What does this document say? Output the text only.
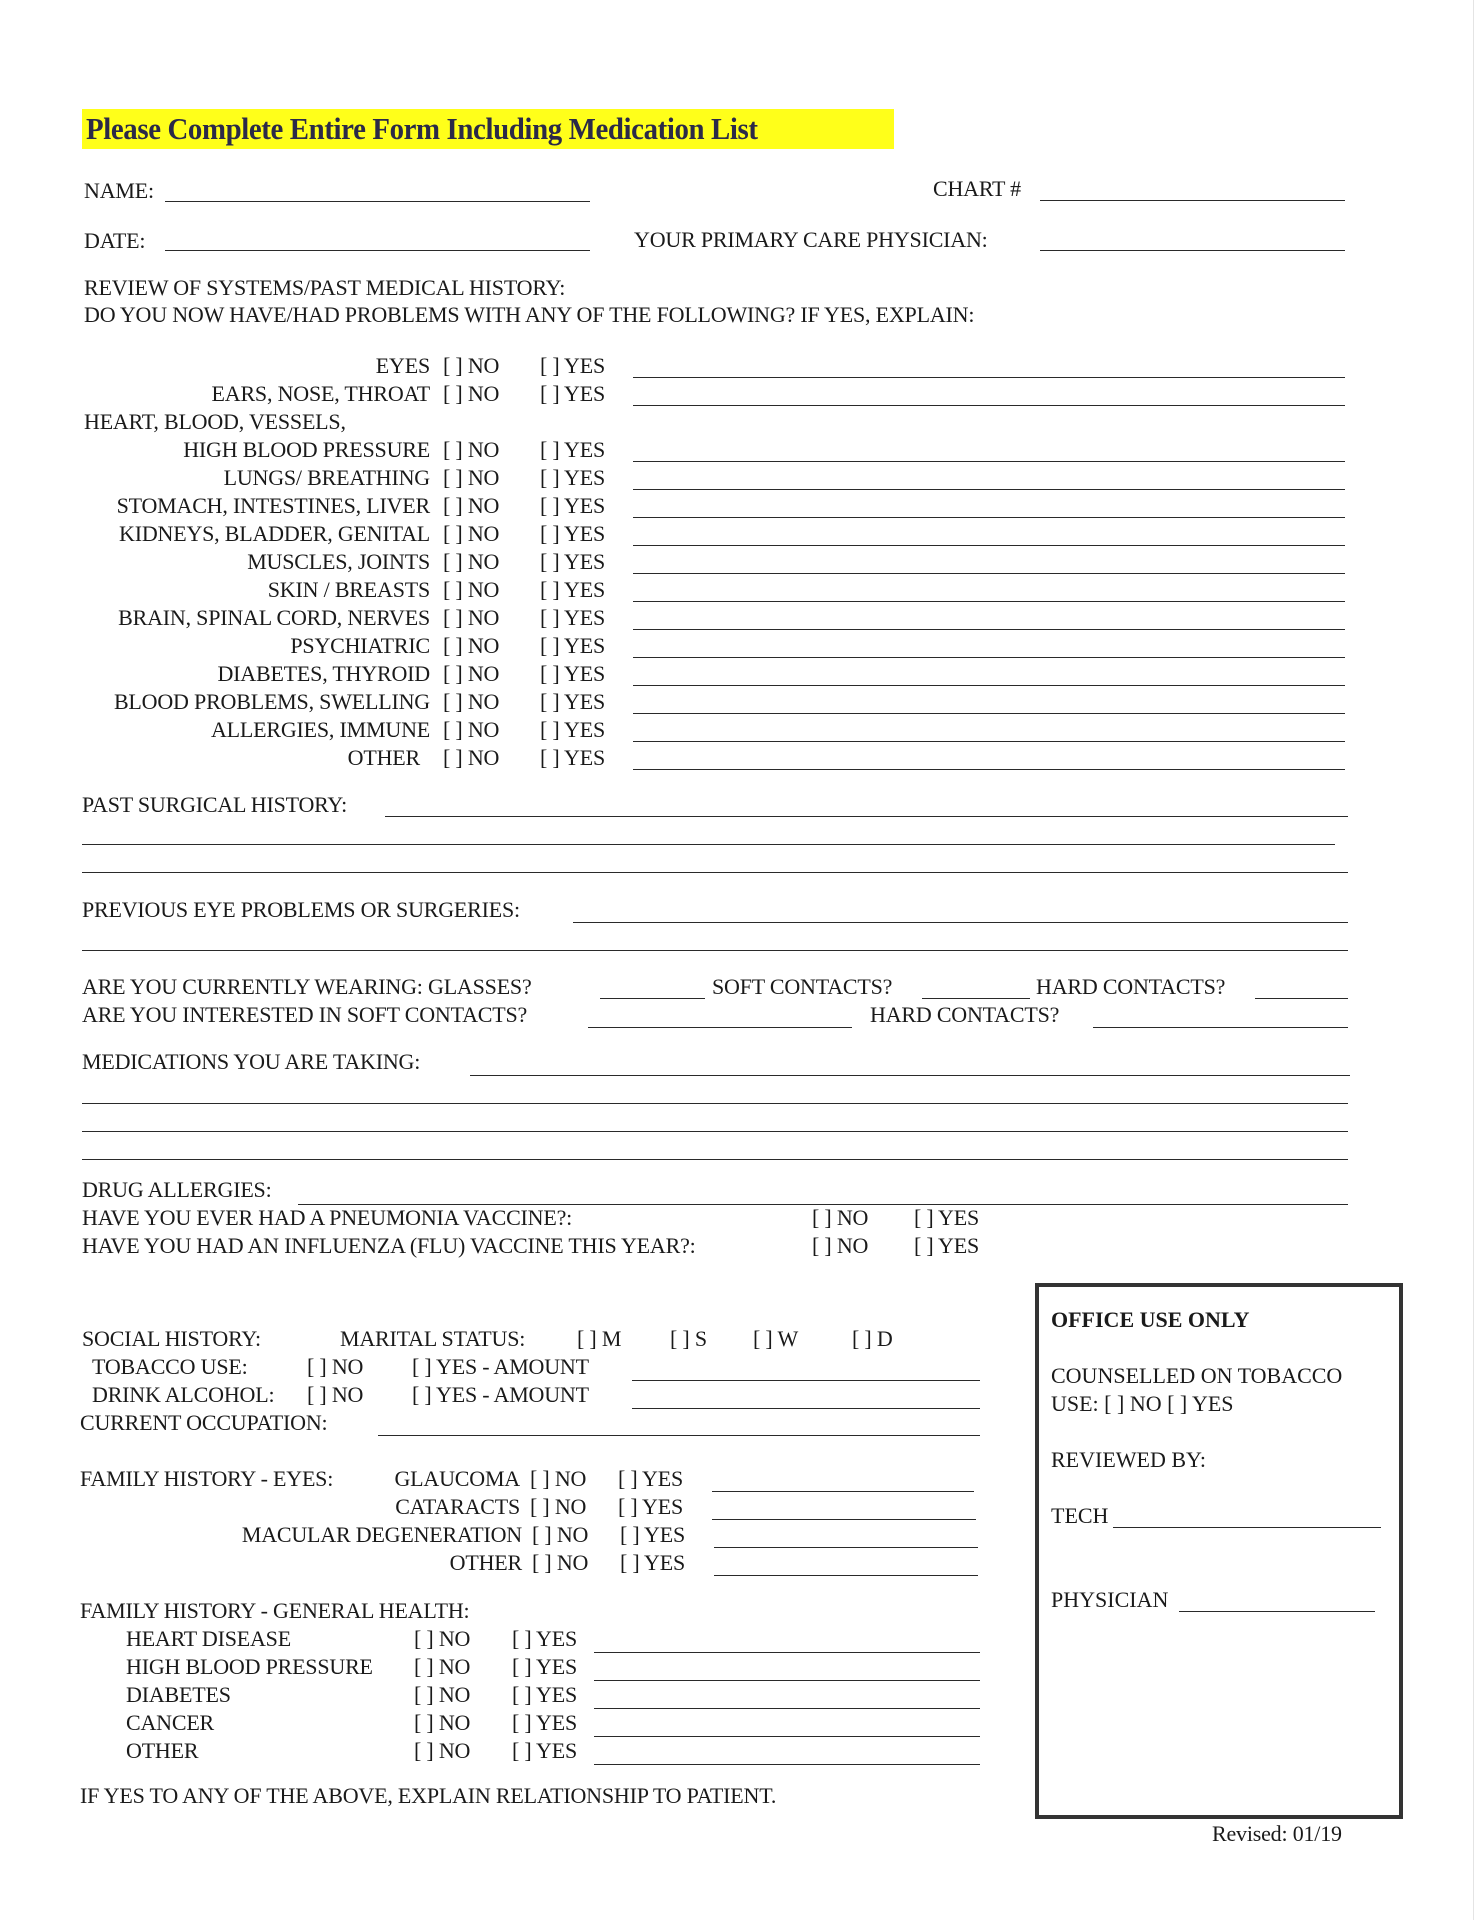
Please Complete Entire Form Including Medication List
NAME:	CHART #
DATE:	YOUR PRIMARY CARE PHYSICIAN:
REVIEW OF SYSTEMS/PAST MEDICAL HISTORY:
DO YOU NOW HAVE/HAD PROBLEMS WITH ANY OF THE FOLLOWING? IF YES, EXPLAIN:
EYES [ ] NO [ ] YES
EARS, NOSE, THROAT [ ] NO [ ] YES
HEART, BLOOD, VESSELS,
HIGH BLOOD PRESSURE [ ] NO [ ] YES
LUNGS/ BREATHING [ ] NO [ ] YES
STOMACH, INTESTINES, LIVER [ ] NO [ ] YES
KIDNEYS, BLADDER, GENITAL [ ] NO [ ] YES
MUSCLES, JOINTS [ ] NO [ ] YES
SKIN / BREASTS [ ] NO [ ] YES
BRAIN, SPINAL CORD, NERVES [ ] NO [ ] YES
PSYCHIATRIC [ ] NO [ ] YES
DIABETES, THYROID [ ] NO [ ] YES
BLOOD PROBLEMS, SWELLING [ ] NO [ ] YES
ALLERGIES, IMMUNE [ ] NO [ ] YES
OTHER [ ] NO [ ] YES
PAST SURGICAL HISTORY:
PREVIOUS EYE PROBLEMS OR SURGERIES:
ARE YOU CURRENTLY WEARING: GLASSES?	SOFT CONTACTS?	HARD CONTACTS?
ARE YOU INTERESTED IN SOFT CONTACTS?	HARD CONTACTS?
MEDICATIONS YOU ARE TAKING:
DRUG ALLERGIES:
HAVE YOU EVER HAD A PNEUMONIA VACCINE?:	[ ] NO [ ] YES
HAVE YOU HAD AN INFLUENZA (FLU) VACCINE THIS YEAR?:	[ ] NO [ ] YES
SOCIAL HISTORY:	MARITAL STATUS: [ ] M [ ] S [ ] W [ ] D
TOBACCO USE:	[ ] NO [ ] YES - AMOUNT
DRINK ALCOHOL: [ ] NO [ ] YES - AMOUNT
CURRENT OCCUPATION:
FAMILY HISTORY - EYES:	GLAUCOMA [ ] NO [ ] YES
CATARACTS [ ] NO [ ] YES
MACULAR DEGENERATION [ ] NO [ ] YES
OTHER [ ] NO [ ] YES
FAMILY HISTORY - GENERAL HEALTH:
HEART DISEASE	[ ] NO [ ] YES
HIGH BLOOD PRESSURE [ ] NO [ ] YES
DIABETES	[ ] NO [ ] YES
CANCER	[ ] NO [ ] YES
OTHER	[ ] NO [ ] YES
IF YES TO ANY OF THE ABOVE, EXPLAIN RELATIONSHIP TO PATIENT.
OFFICE USE ONLY
COUNSELLED ON TOBACCO
USE: [ ] NO [ ] YES
REVIEWED BY:
TECH
PHYSICIAN
Revised: 01/19
